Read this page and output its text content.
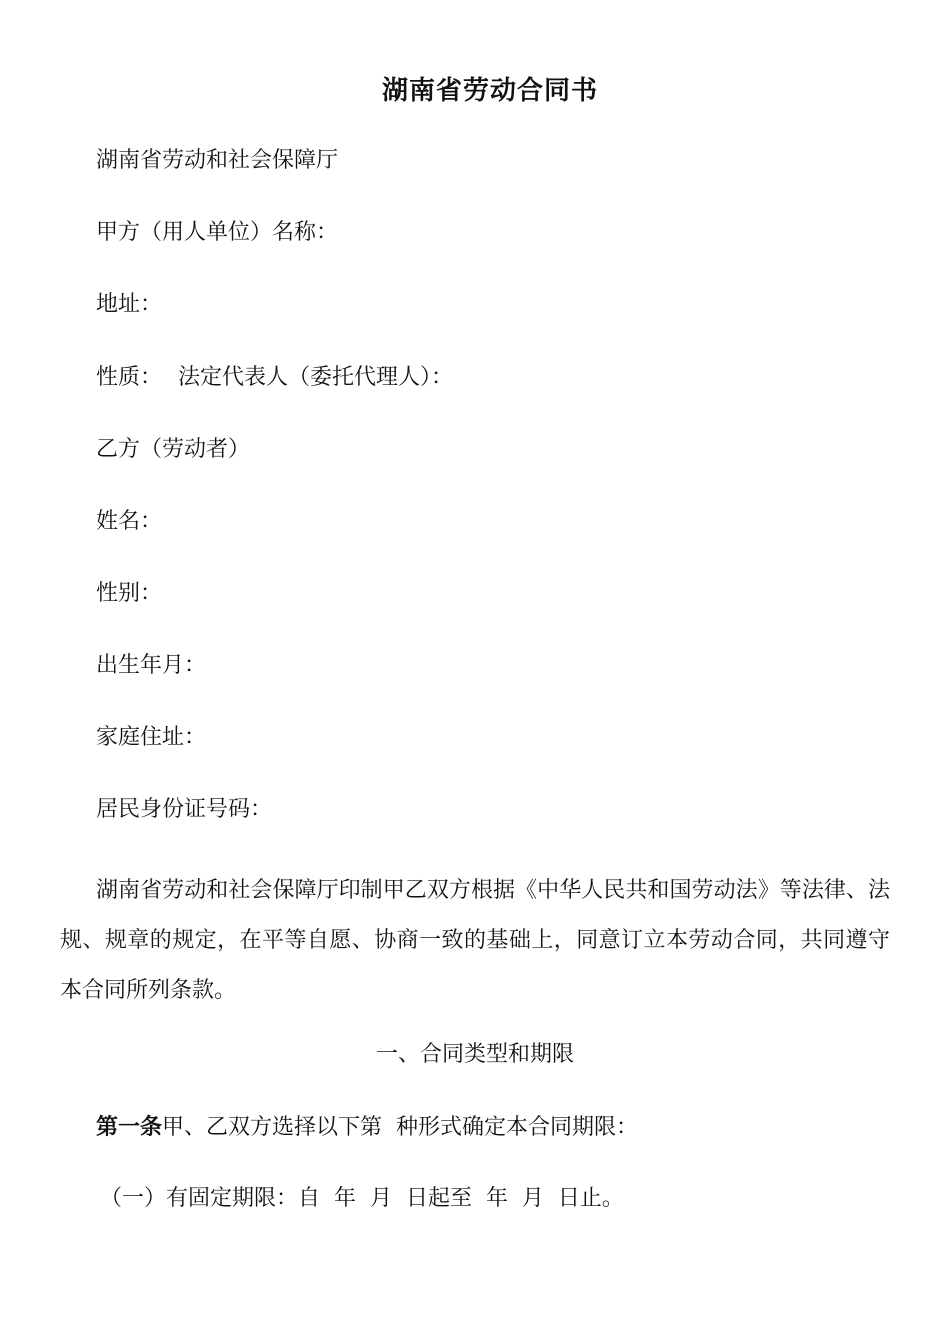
湖南省劳动合同书

湖南省劳动和社会保障厅

甲方（用人单位）名称：

地址：

性质： 法定代表人（委托代理人）：

乙方（劳动者）

姓名：

性别：

出生年月：

家庭住址：

居民身份证号码：

湖南省劳动和社会保障厅印制甲乙双方根据《中华人民共和国劳动法》等法律、法规、规章的规定，在平等自愿、协商一致的基础上，同意订立本劳动合同，共同遵守本合同所列条款。

一、合同类型和期限

第一条甲、乙双方选择以下第  种形式确定本合同期限：

（一）有固定期限：自  年  月  日起至  年  月  日止。
